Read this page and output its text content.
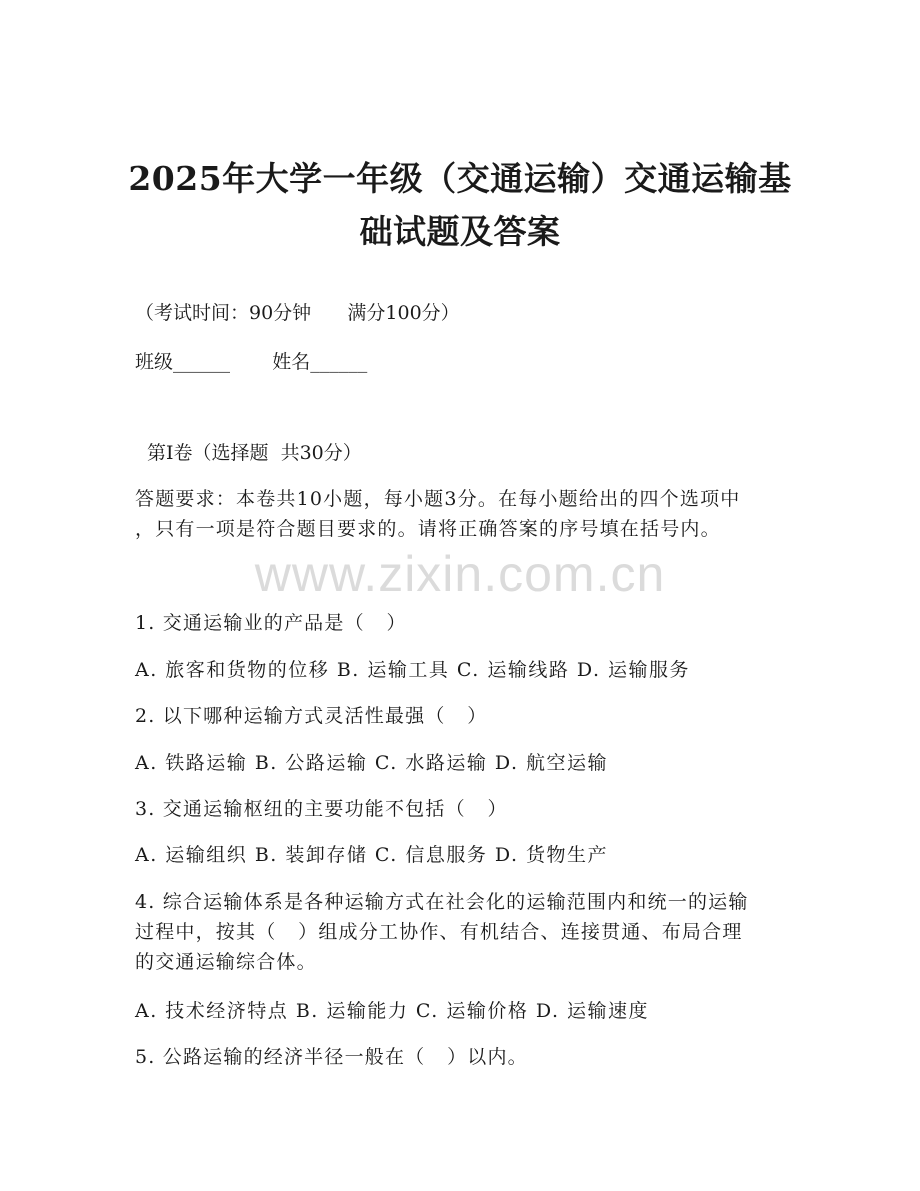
2025年大学一年级（交通运输）交通运输基
础试题及答案
（考试时间：90分钟      满分100分）
班级______       姓名______
第I卷（选择题  共30分）
答题要求：本卷共10小题，每小题3分。在每小题给出的四个选项中
，只有一项是符合题目要求的。请将正确答案的序号填在括号内。
www.zixin.com.cn
1. 交通运输业的产品是（   ）
A. 旅客和货物的位移 B. 运输工具 C. 运输线路 D. 运输服务
2. 以下哪种运输方式灵活性最强（   ）
A. 铁路运输 B. 公路运输 C. 水路运输 D. 航空运输
3. 交通运输枢纽的主要功能不包括（   ）
A. 运输组织 B. 装卸存储 C. 信息服务 D. 货物生产
4. 综合运输体系是各种运输方式在社会化的运输范围内和统一的运输
过程中，按其（   ）组成分工协作、有机结合、连接贯通、布局合理
的交通运输综合体。
A. 技术经济特点 B. 运输能力 C. 运输价格 D. 运输速度
5. 公路运输的经济半径一般在（   ）以内。
